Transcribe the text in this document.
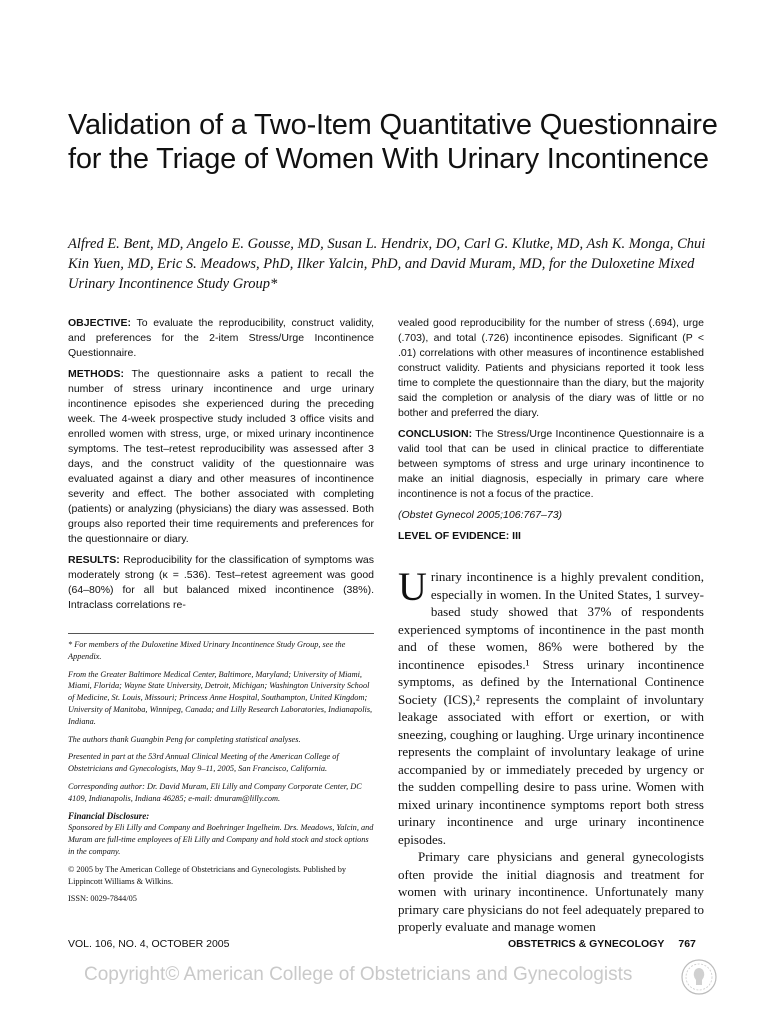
Validation of a Two-Item Quantitative Questionnaire for the Triage of Women With Urinary Incontinence
Alfred E. Bent, MD, Angelo E. Gousse, MD, Susan L. Hendrix, DO, Carl G. Klutke, MD, Ash K. Monga, Chui Kin Yuen, MD, Eric S. Meadows, PhD, Ilker Yalcin, PhD, and David Muram, MD, for the Duloxetine Mixed Urinary Incontinence Study Group*

OBJECTIVE: To evaluate the reproducibility, construct validity, and preferences for the 2-item Stress/Urge Incontinence Questionnaire.

METHODS: The questionnaire asks a patient to recall the number of stress urinary incontinence and urge urinary incontinence episodes she experienced during the preceding week. The 4-week prospective study included 3 office visits and enrolled women with stress, urge, or mixed urinary incontinence symptoms. The test–retest reproducibility was assessed after 3 days, and the construct validity of the questionnaire was evaluated against a diary and other measures of incontinence severity and effect. The bother associated with completing (patients) or analyzing (physicians) the diary was assessed. Both groups also reported their time requirements and preferences for the questionnaire or diary.

RESULTS: Reproducibility for the classification of symptoms was moderately strong (κ = .536). Test–retest agreement was good (64–80%) for all but balanced mixed incontinence (38%). Intraclass correlations re-

vealed good reproducibility for the number of stress (.694), urge (.703), and total (.726) incontinence episodes. Significant (P < .01) correlations with other measures of incontinence established construct validity. Patients and physicians reported it took less time to complete the questionnaire than the diary, but the majority said the completion or analysis of the diary was of little or no bother and preferred the diary.

CONCLUSION: The Stress/Urge Incontinence Questionnaire is a valid tool that can be used in clinical practice to differentiate between symptoms of stress and urge urinary incontinence to make an initial diagnosis, especially in primary care where incontinence is not a focus of the practice.

(Obstet Gynecol 2005;106:767–73)

LEVEL OF EVIDENCE: III

Urinary incontinence is a highly prevalent condition, especially in women. In the United States, 1 survey-based study showed that 37% of respondents experienced symptoms of incontinence in the past month and of these women, 86% were bothered by the incontinence episodes.¹ Stress urinary incontinence symptoms, as defined by the International Continence Society (ICS),² represents the complaint of involuntary leakage associated with effort or exertion, or with sneezing, coughing or laughing. Urge urinary incontinence represents the complaint of involuntary leakage of urine accompanied by or immediately preceded by urgency or the sudden compelling desire to pass urine. Women with mixed urinary incontinence symptoms report both stress urinary incontinence and urge urinary incontinence episodes.

Primary care physicians and general gynecologists often provide the initial diagnosis and treatment for women with urinary incontinence. Unfortunately many primary care physicians do not feel adequately prepared to properly evaluate and manage women

* For members of the Duloxetine Mixed Urinary Incontinence Study Group, see the Appendix.

From the Greater Baltimore Medical Center, Baltimore, Maryland; University of Miami, Miami, Florida; Wayne State University, Detroit, Michigan; Washington University School of Medicine, St. Louis, Missouri; Princess Anne Hospital, Southampton, United Kingdom; University of Manitoba, Winnipeg, Canada; and Lilly Research Laboratories, Indianapolis, Indiana.

The authors thank Guangbin Peng for completing statistical analyses.

Presented in part at the 53rd Annual Clinical Meeting of the American College of Obstetricians and Gynecologists, May 9–11, 2005, San Francisco, California.

Corresponding author: Dr. David Muram, Eli Lilly and Company Corporate Center, DC 4109, Indianapolis, Indiana 46285; e-mail: dmuram@lilly.com.

Financial Disclosure:

Sponsored by Eli Lilly and Company and Boehringer Ingelheim. Drs. Meadows, Yalcin, and Muram are full-time employees of Eli Lilly and Company and hold stock and stock options in the company.

© 2005 by The American College of Obstetricians and Gynecologists. Published by Lippincott Williams & Wilkins.

ISSN: 0029-7844/05

VOL. 106, NO. 4, OCTOBER 2005	OBSTETRICS & GYNECOLOGY 767
Copyright© American College of Obstetricians and Gynecologists
